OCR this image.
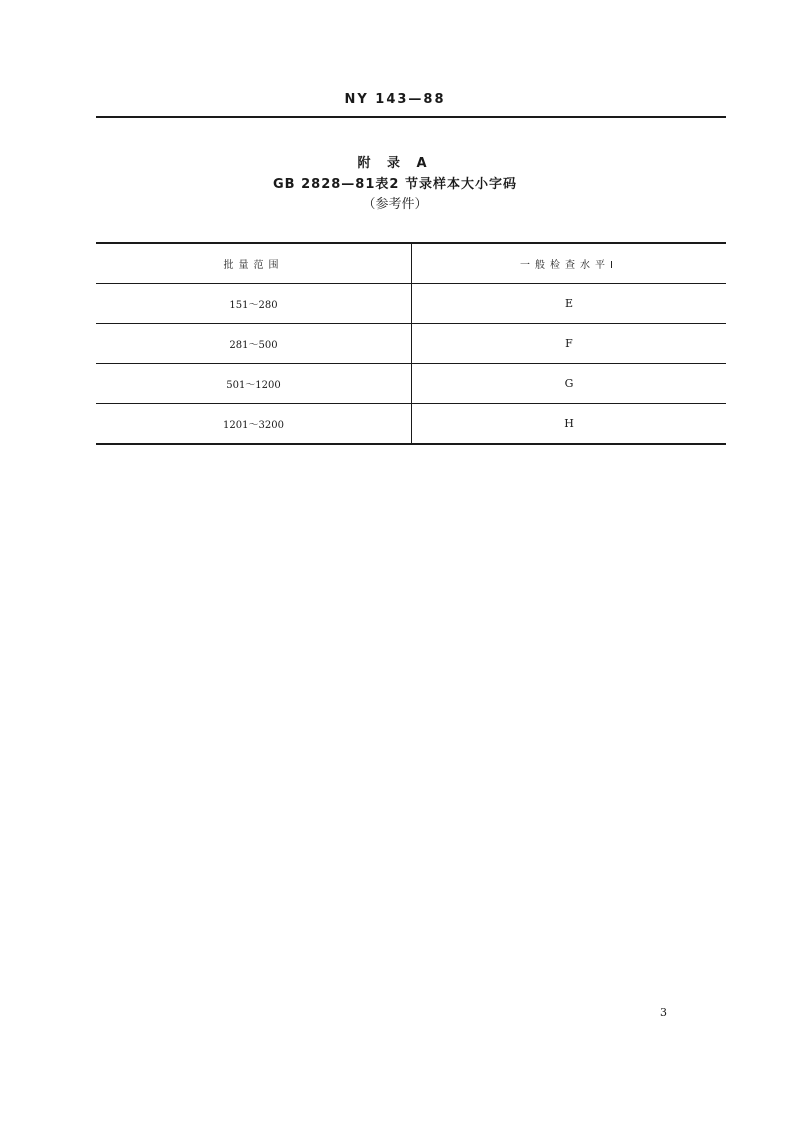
NY 143—88
附 录 A
GB 2828—81表2 节录样本大小字码
（参考件）
批量范围	一般检查水平Ⅰ
151～280	E
281～500	F
501～1200	G
1201～3200	H
3
